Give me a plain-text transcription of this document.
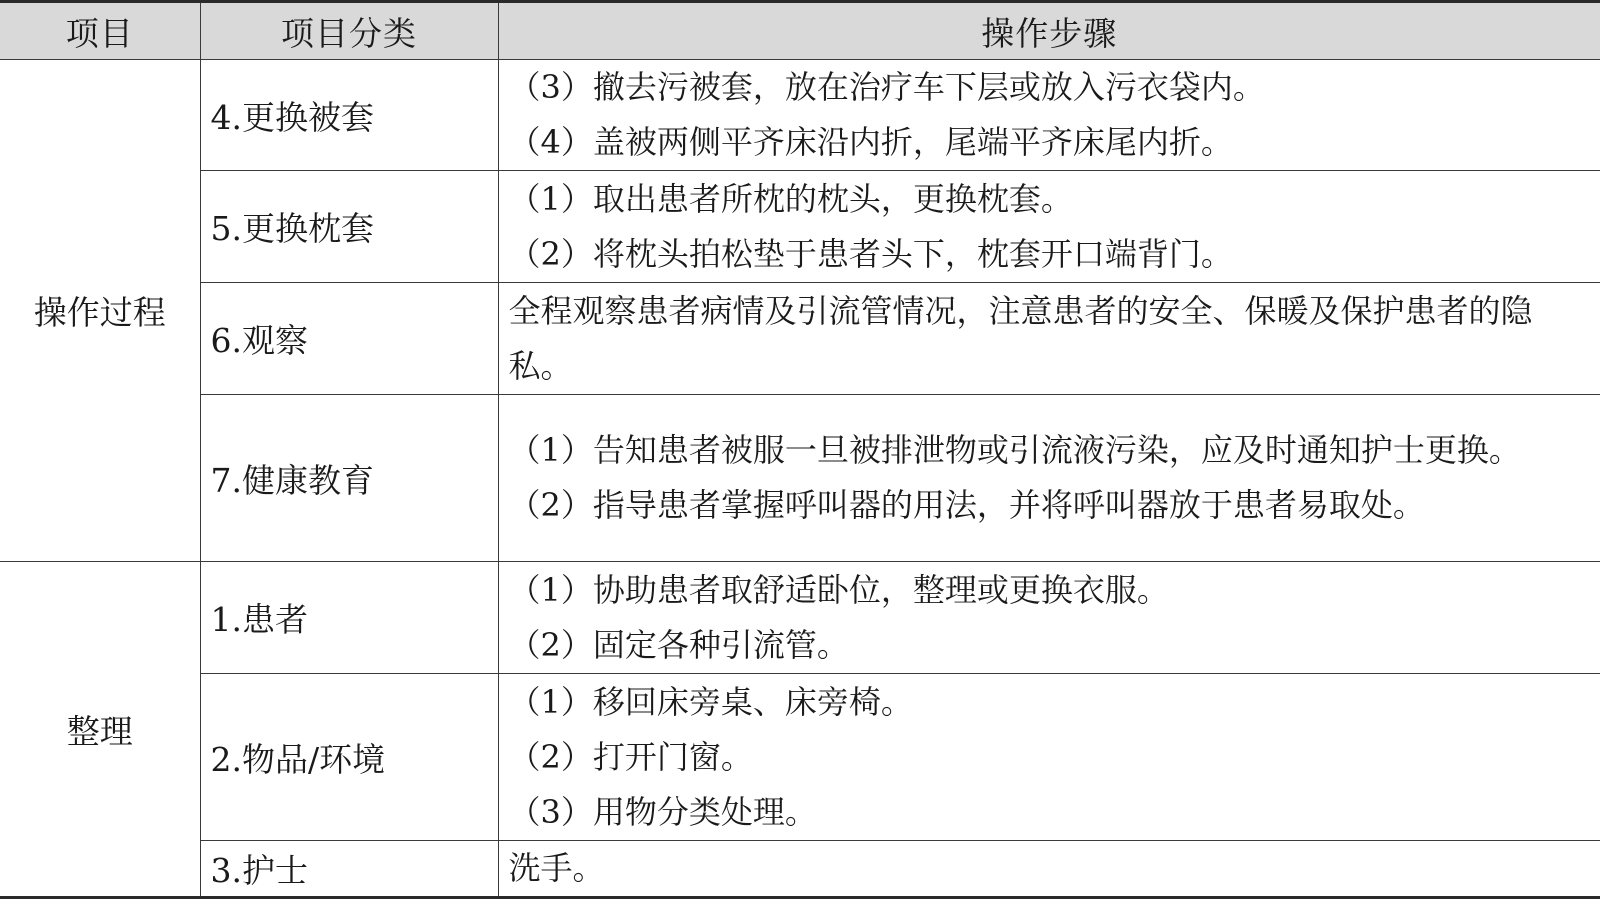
项目	项目分类	操作步骤
操作过程	4.更换被套	（3）撤去污被套，放在治疗车下层或放入污衣袋内。
（4）盖被两侧平齐床沿内折，尾端平齐床尾内折。

	5.更换枕套	（1）取出患者所枕的枕头，更换枕套。
（2）将枕头拍松垫于患者头下，枕套开口端背门。

	6.观察	全程观察患者病情及引流管情况，注意患者的安全、保暖及保护患者的隐私。

	7.健康教育	（1）告知患者被服一旦被排泄物或引流液污染，应及时通知护士更换。
（2）指导患者掌握呼叫器的用法，并将呼叫器放于患者易取处。

整理	1.患者	（1）协助患者取舒适卧位，整理或更换衣服。
（2）固定各种引流管。

	2.物品/环境	（1）移回床旁桌、床旁椅。
（2）打开门窗。
（3）用物分类处理。

	3.护士	洗手。
